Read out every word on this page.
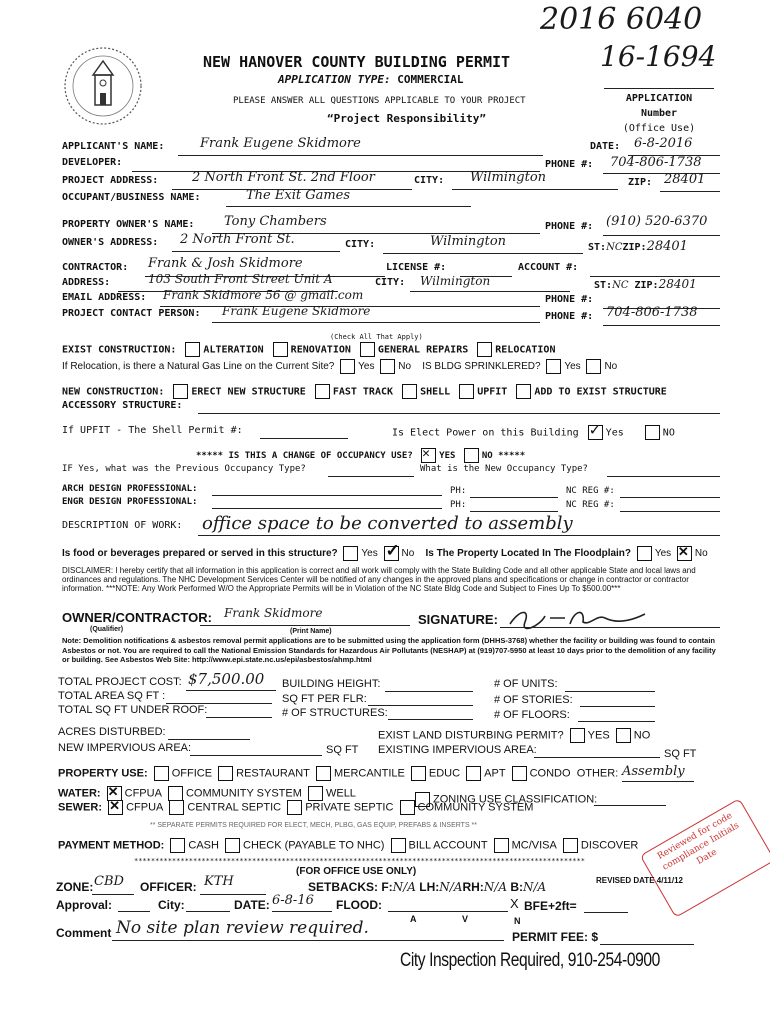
2016 6040
16-1694
NEW HANOVER COUNTY BUILDING PERMIT
APPLICATION TYPE: COMMERCIAL
PLEASE ANSWER ALL QUESTIONS APPLICABLE TO YOUR PROJECT
“Project Responsibility”
APPLICATION
Number
(Office Use)
APPLICANT'S NAME:	Frank Eugene Skidmore	DATE: 6-8-2016
DEVELOPER:	PHONE #: 704-806-1738
PROJECT ADDRESS:	2 North Front St. 2nd Floor	CITY: Wilmington	ZIP: 28401
OCCUPANT/BUSINESS NAME:	The Exit Games
PROPERTY OWNER'S NAME: Tony Chambers	PHONE #: (910) 520-6370
OWNER'S ADDRESS: 2 North Front St.	CITY:	Wilmington	ST:NCZIP:28401
CONTRACTOR: Frank & Josh Skidmore	LICENSE #:	ACCOUNT #:
ADDRESS:	103 South Front Street Unit A	CITY: Wilmington	ST:NC ZIP:28401
EMAIL ADDRESS: Frank Skidmore 56 @ gmail.com	PHONE #:
PROJECT CONTACT PERSON: Frank Eugene Skidmore	PHONE #: 704-806-1738
(Check All That Apply)
EXIST CONSTRUCTION:	ALTERATION	RENOVATION	GENERAL REPAIRS	RELOCATION
If Relocation, is there a Natural Gas Line on the Current Site? Yes No IS BLDG SPRINKLERED? Yes No
NEW CONSTRUCTION:	ERECT NEW STRUCTURE	FAST TRACK	SHELL	UPFIT	ADD TO EXIST STRUCTURE
ACCESSORY STRUCTURE:
If UPFIT - The Shell Permit #:	Is Elect Power on this Building ✓	Yes	NO
***** IS THIS A CHANGE OF OCCUPANCY USE? ✕	YES	NO *****
IF Yes, what was the Previous Occupancy Type?	What is the New Occupancy Type?
ARCH DESIGN PROFESSIONAL:	PH:	NC REG #:
ENGR DESIGN PROFESSIONAL:	PH:	NC REG #:
DESCRIPTION OF WORK: office space to be converted to assembly
Is food or beverages prepared or served in this structure? Yes ✓ No Is The Property Located In The Floodplain? Yes ✕ No
DISCLAIMER: I hereby certify that all information in this application is correct and all work will comply with the State Building Code and all other applicable State and local laws and ordinances and regulations. The NHC Development Services Center will be notified of any changes in the approved plans and specifications or change in contractor or contractor information. ***NOTE: Any Work Performed W/O the Appropriate Permits will be in Violation of the NC State Bldg Code and Subject to Fines Up To $500.00***
OWNER/CONTRACTOR: Frank Skidmore	SIGNATURE:
(Qualifier)	(Print Name)
Note: Demolition notifications & asbestos removal permit applications are to be submitted using the application form (DHHS-3768) whether the facility or building was found to contain Asbestos or not. You are required to call the National Emission Standards for Hazardous Air Pollutants (NESHAP) at (919)707-5950 at least 10 days prior to the demolition of any facility or building. See Asbestos Web Site: http://www.epi.state.nc.us/epi/asbestos/ahmp.html
TOTAL PROJECT COST: $7,500.00 BUILDING HEIGHT:	# OF UNITS:
TOTAL AREA SQ FT :	SQ FT PER FLR:	# OF STORIES:
TOTAL SQ FT UNDER ROOF:	# OF STRUCTURES:	# OF FLOORS:
ACRES DISTURBED:	EXIST LAND DISTURBING PERMIT? YES NO
NEW IMPERVIOUS AREA:	SQ FT EXISTING IMPERVIOUS AREA:	SQ FT
PROPERTY USE: OFFICE RESTAURANT MERCANTILE EDUC APT CONDO OTHER: Assembly
WATER: ✕ CFPUA COMMUNITY SYSTEM WELL	ZONING USE CLASSIFICATION:
SEWER: ✕ CFPUA CENTRAL SEPTIC PRIVATE SEPTIC COMMUNITY SYSTEM
** SEPARATE PERMITS REQUIRED FOR ELECT, MECH, PLBG, GAS EQUIP, PREFABS & INSERTS **
PAYMENT METHOD: CASH CHECK (PAYABLE TO NHC) BILL ACCOUNT MC/VISA DISCOVER
***********************************************************************************************************	Reviewed for code compliance Initials Date
(FOR OFFICE USE ONLY)
REVISED DATE 4/11/12
ZONE: CBD OFFICER: KTH	SETBACKS: F:N/A LH:N/ARH:N/A B:N/A
Approval:	City:	DATE: 6-8-16 FLOOD:	X BFE+2ft=
A	V	N
Comment No site plan review required.	PERMIT FEE: $
City Inspection Required, 910-254-0900
